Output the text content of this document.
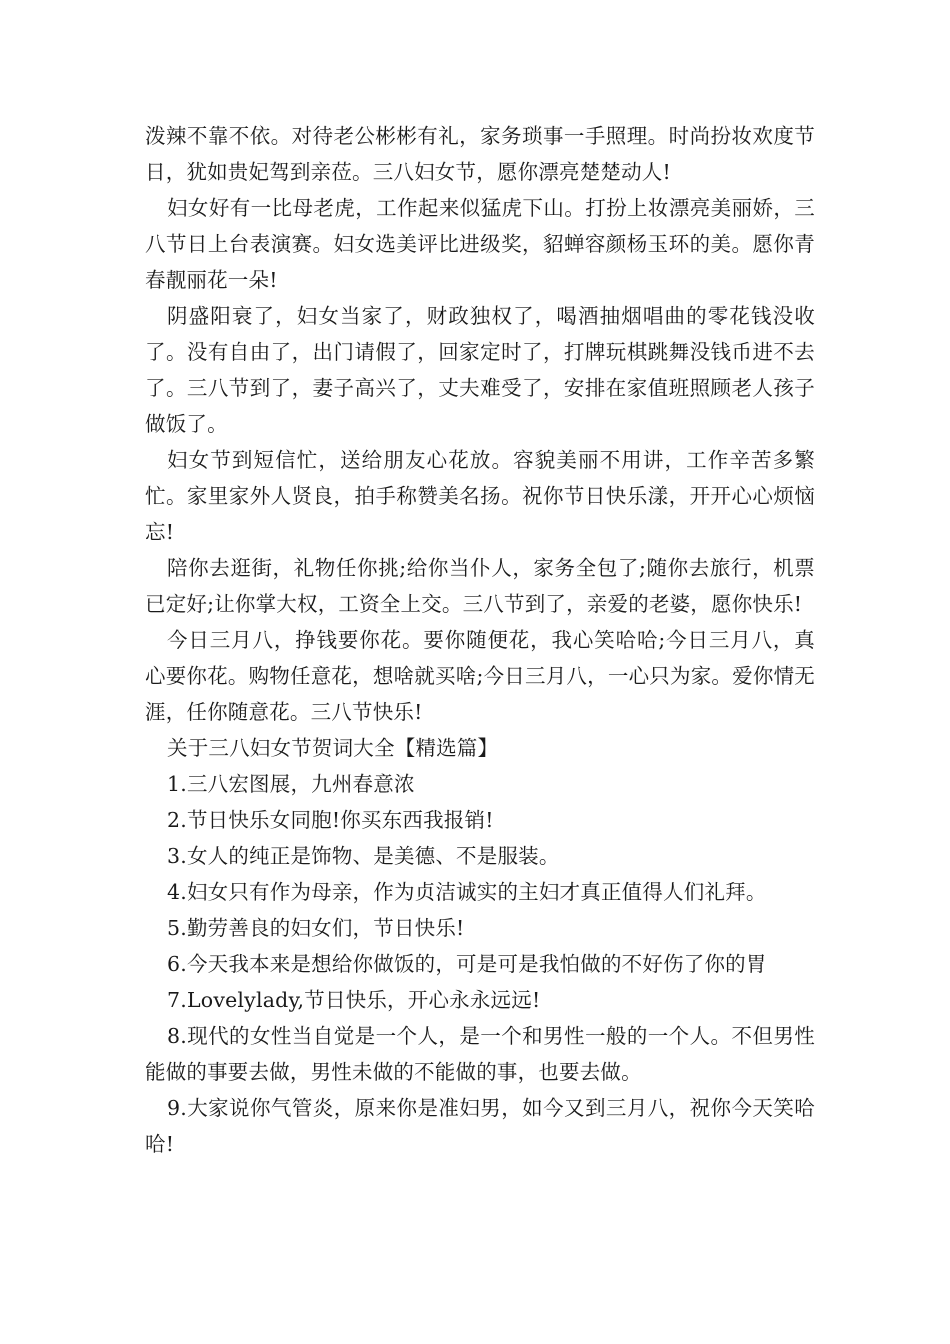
泼辣不靠不依。对待老公彬彬有礼，家务琐事一手照理。时尚扮妆欢度节日，犹如贵妃驾到亲莅。三八妇女节，愿你漂亮楚楚动人!

妇女好有一比母老虎，工作起来似猛虎下山。打扮上妆漂亮美丽娇，三八节日上台表演赛。妇女选美评比进级奖，貂蝉容颜杨玉环的美。愿你青春靓丽花一朵!

阴盛阳衰了，妇女当家了，财政独权了，喝酒抽烟唱曲的零花钱没收了。没有自由了，出门请假了，回家定时了，打牌玩棋跳舞没钱币进不去了。三八节到了，妻子高兴了，丈夫难受了，安排在家值班照顾老人孩子做饭了。

妇女节到短信忙，送给朋友心花放。容貌美丽不用讲，工作辛苦多繁忙。家里家外人贤良，拍手称赞美名扬。祝你节日快乐漾，开开心心烦恼忘!

陪你去逛街，礼物任你挑;给你当仆人，家务全包了;随你去旅行，机票已定好;让你掌大权，工资全上交。三八节到了，亲爱的老婆，愿你快乐!

今日三月八，挣钱要你花。要你随便花，我心笑哈哈;今日三月八，真心要你花。购物任意花，想啥就买啥;今日三月八，一心只为家。爱你情无涯，任你随意花。三八节快乐!

关于三八妇女节贺词大全【精选篇】

1.三八宏图展，九州春意浓

2.节日快乐女同胞!你买东西我报销!

3.女人的纯正是饰物、是美德、不是服装。

4.妇女只有作为母亲，作为贞洁诚实的主妇才真正值得人们礼拜。

5.勤劳善良的妇女们，节日快乐!

6.今天我本来是想给你做饭的，可是可是我怕做的不好伤了你的胃

7.Lovelylady,节日快乐，开心永永远远!

8.现代的女性当自觉是一个人，是一个和男性一般的一个人。不但男性能做的事要去做，男性未做的不能做的事，也要去做。

9.大家说你气管炎，原来你是准妇男，如今又到三月八，祝你今天笑哈哈!
